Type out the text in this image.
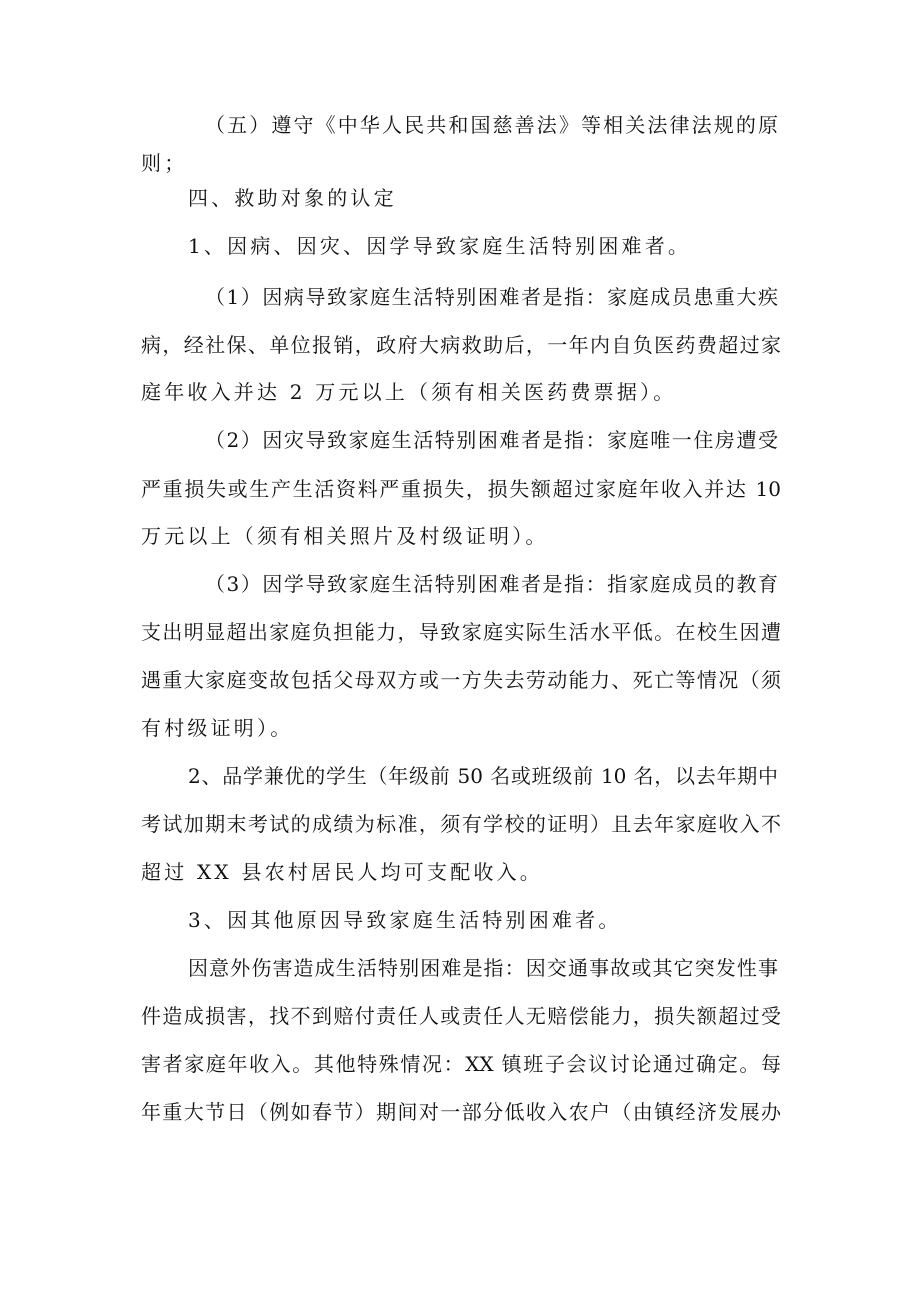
（五）遵守《中华人民共和国慈善法》等相关法律法规的原
则；
四、救助对象的认定
1、因病、因灾、因学导致家庭生活特别困难者。
（1）因病导致家庭生活特别困难者是指：家庭成员患重大疾
病，经社保、单位报销，政府大病救助后，一年内自负医药费超过家
庭年收入并达 2 万元以上（须有相关医药费票据）。
（2）因灾导致家庭生活特别困难者是指：家庭唯一住房遭受
严重损失或生产生活资料严重损失，损失额超过家庭年收入并达 10
万元以上（须有相关照片及村级证明）。
（3）因学导致家庭生活特别困难者是指：指家庭成员的教育
支出明显超出家庭负担能力，导致家庭实际生活水平低。在校生因遭
遇重大家庭变故包括父母双方或一方失去劳动能力、死亡等情况（须
有村级证明）。
2、品学兼优的学生（年级前 50 名或班级前 10 名，以去年期中
考试加期末考试的成绩为标准，须有学校的证明）且去年家庭收入不
超过 XX 县农村居民人均可支配收入。
3、因其他原因导致家庭生活特别困难者。
因意外伤害造成生活特别困难是指：因交通事故或其它突发性事
件造成损害，找不到赔付责任人或责任人无赔偿能力，损失额超过受
害者家庭年收入。其他特殊情况：XX 镇班子会议讨论通过确定。每
年重大节日（例如春节）期间对一部分低收入农户（由镇经济发展办
